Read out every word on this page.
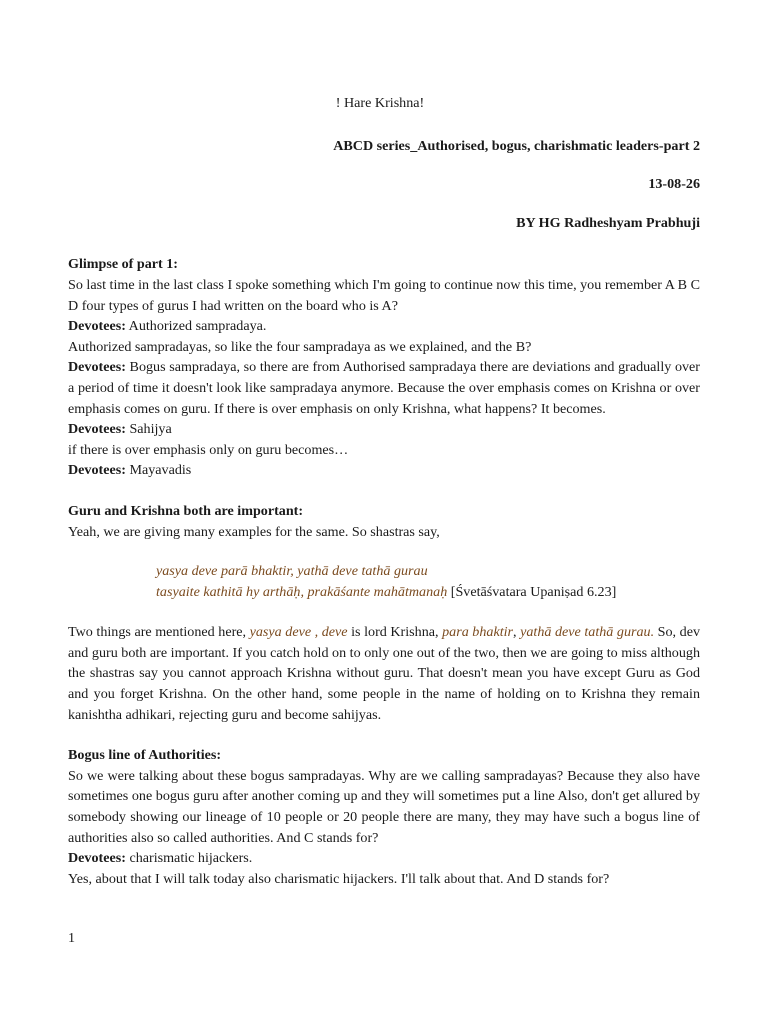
! Hare Krishna!

ABCD series_Authorised, bogus, charishmatic leaders-part 2

13-08-26

BY HG Radheshyam Prabhuji

Glimpse of part 1:

So last time in the last class I spoke something which I'm going to continue now this time, you remember A B C D four types of gurus I had written on the board who is A?

Devotees: Authorized sampradaya.

Authorized sampradayas, so like the four sampradaya as we explained, and the B?

Devotees: Bogus sampradaya, so there are from Authorised sampradaya there are deviations and gradually over a period of time it doesn't look like sampradaya anymore. Because the over emphasis comes on Krishna or over emphasis comes on guru. If there is over emphasis on only Krishna, what happens? It becomes.

Devotees: Sahijya

if there is over emphasis only on guru becomes…

Devotees: Mayavadis

Guru and Krishna both are important:

Yeah, we are giving many examples for the same. So shastras say,

yasya deve parā bhaktir, yathā deve tathā gurau

tasyaite kathitā hy arthāḥ, prakāśante mahātmanaḥ [Śvetāśvatara Upaniṣad 6.23]

Two things are mentioned here, yasya deve , deve is lord Krishna, para bhaktir, yathā deve tathā gurau. So, dev and guru both are important. If you catch hold on to only one out of the two, then we are going to miss although the shastras say you cannot approach Krishna without guru. That doesn't mean you have except Guru as God and you forget Krishna. On the other hand, some people in the name of holding on to Krishna they remain kanishtha adhikari, rejecting guru and become sahijyas.

Bogus line of Authorities:

So we were talking about these bogus sampradayas. Why are we calling sampradayas? Because they also have sometimes one bogus guru after another coming up and they will sometimes put a line Also, don't get allured by somebody showing our lineage of 10 people or 20 people there are many, they may have such a bogus line of authorities also so called authorities. And C stands for?

Devotees: charismatic hijackers.

Yes, about that I will talk today also charismatic hijackers. I'll talk about that. And D stands for?

1
